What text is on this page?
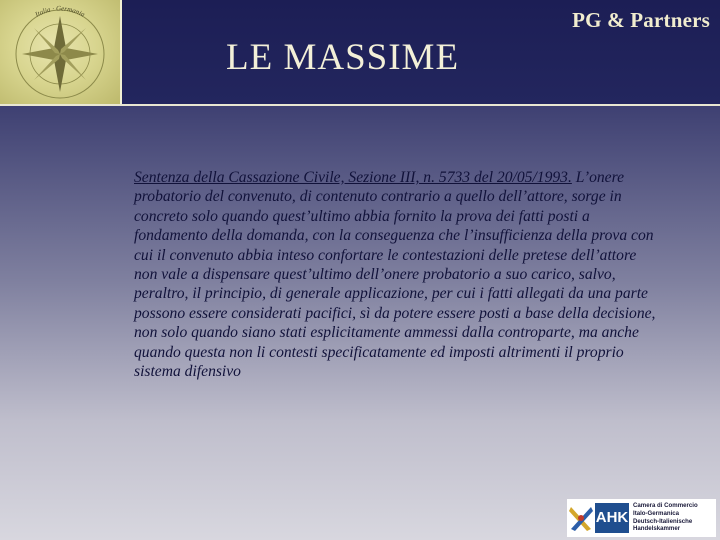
Italia · Germania	PG & Partners
LE MASSIME
Sentenza della Cassazione Civile, Sezione III, n. 5733 del 20/05/1993. L’onere probatorio del convenuto, di contenuto contrario a quello dell’attore, sorge in concreto solo quando quest’ultimo abbia fornito la prova dei fatti posti a fondamento della domanda, con la conseguenza che l’insufficienza della prova con cui il convenuto abbia inteso confortare le contestazioni delle pretese dell’attore non vale a dispensare quest’ultimo dell’onere probatorio a suo carico, salvo, peraltro, il principio, di generale applicazione, per cui i fatti allegati da una parte possono essere considerati pacifici, sì da potere essere posti a base della decisione, non solo quando siano stati esplicitamente ammessi dalla controparte, ma anche quando questa non li contesti specificatamente ed imposti altrimenti il proprio sistema difensivo
AHK
Camera di Commercio
Italo-Germanica
Deutsch-Italienische
Handelskammer
